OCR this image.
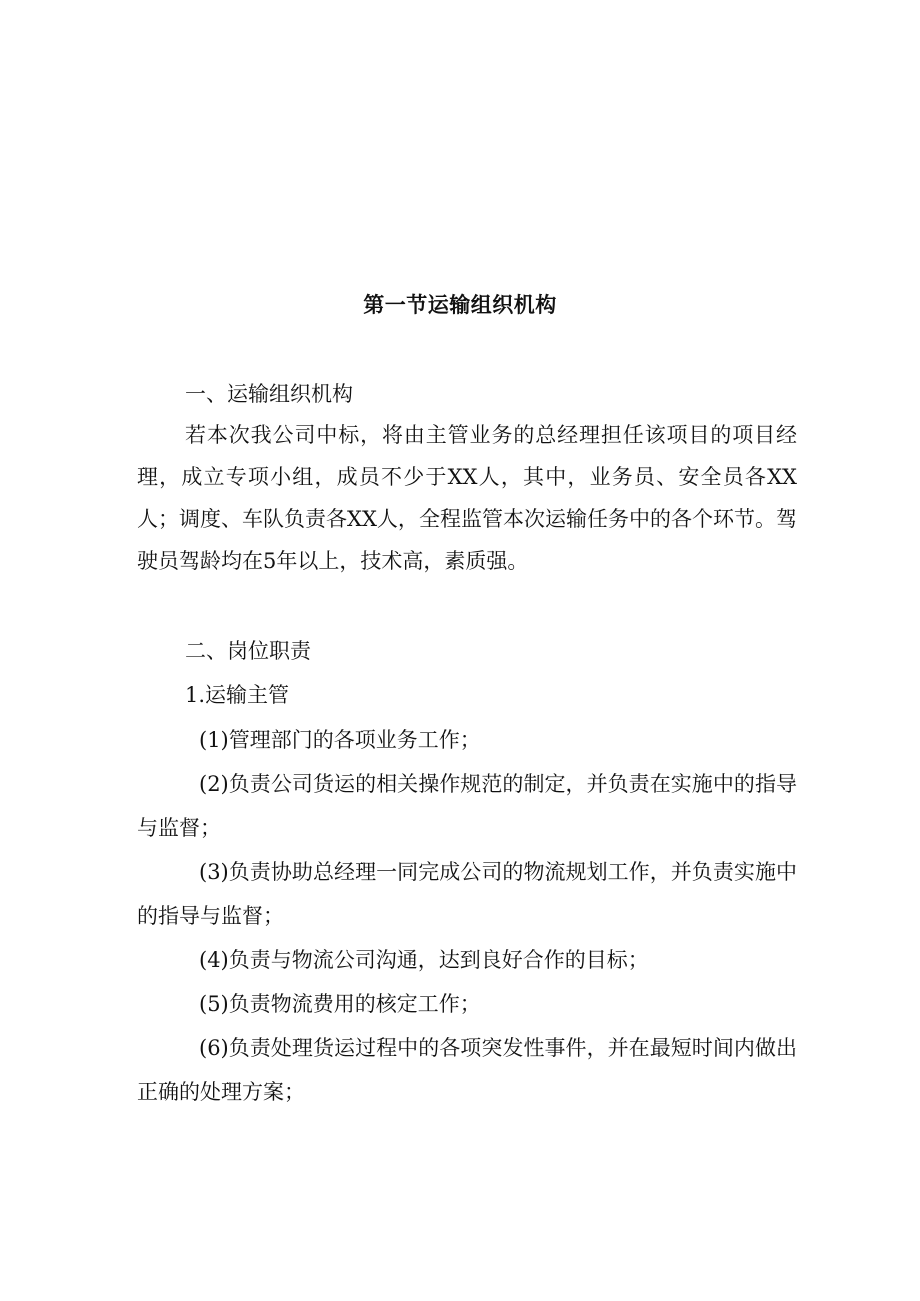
第一节运输组织机构
一、运输组织机构
若本次我公司中标，将由主管业务的总经理担任该项目的项目经理，成立专项小组，成员不少于XX人，其中，业务员、安全员各XX人；调度、车队负责各XX人，全程监管本次运输任务中的各个环节。驾驶员驾龄均在5年以上，技术高，素质强。
二、岗位职责
1.运输主管
(1)管理部门的各项业务工作；
(2)负责公司货运的相关操作规范的制定，并负责在实施中的指导与监督；
(3)负责协助总经理一同完成公司的物流规划工作，并负责实施中的指导与监督；
(4)负责与物流公司沟通，达到良好合作的目标；
(5)负责物流费用的核定工作；
(6)负责处理货运过程中的各项突发性事件，并在最短时间内做出正确的处理方案；
